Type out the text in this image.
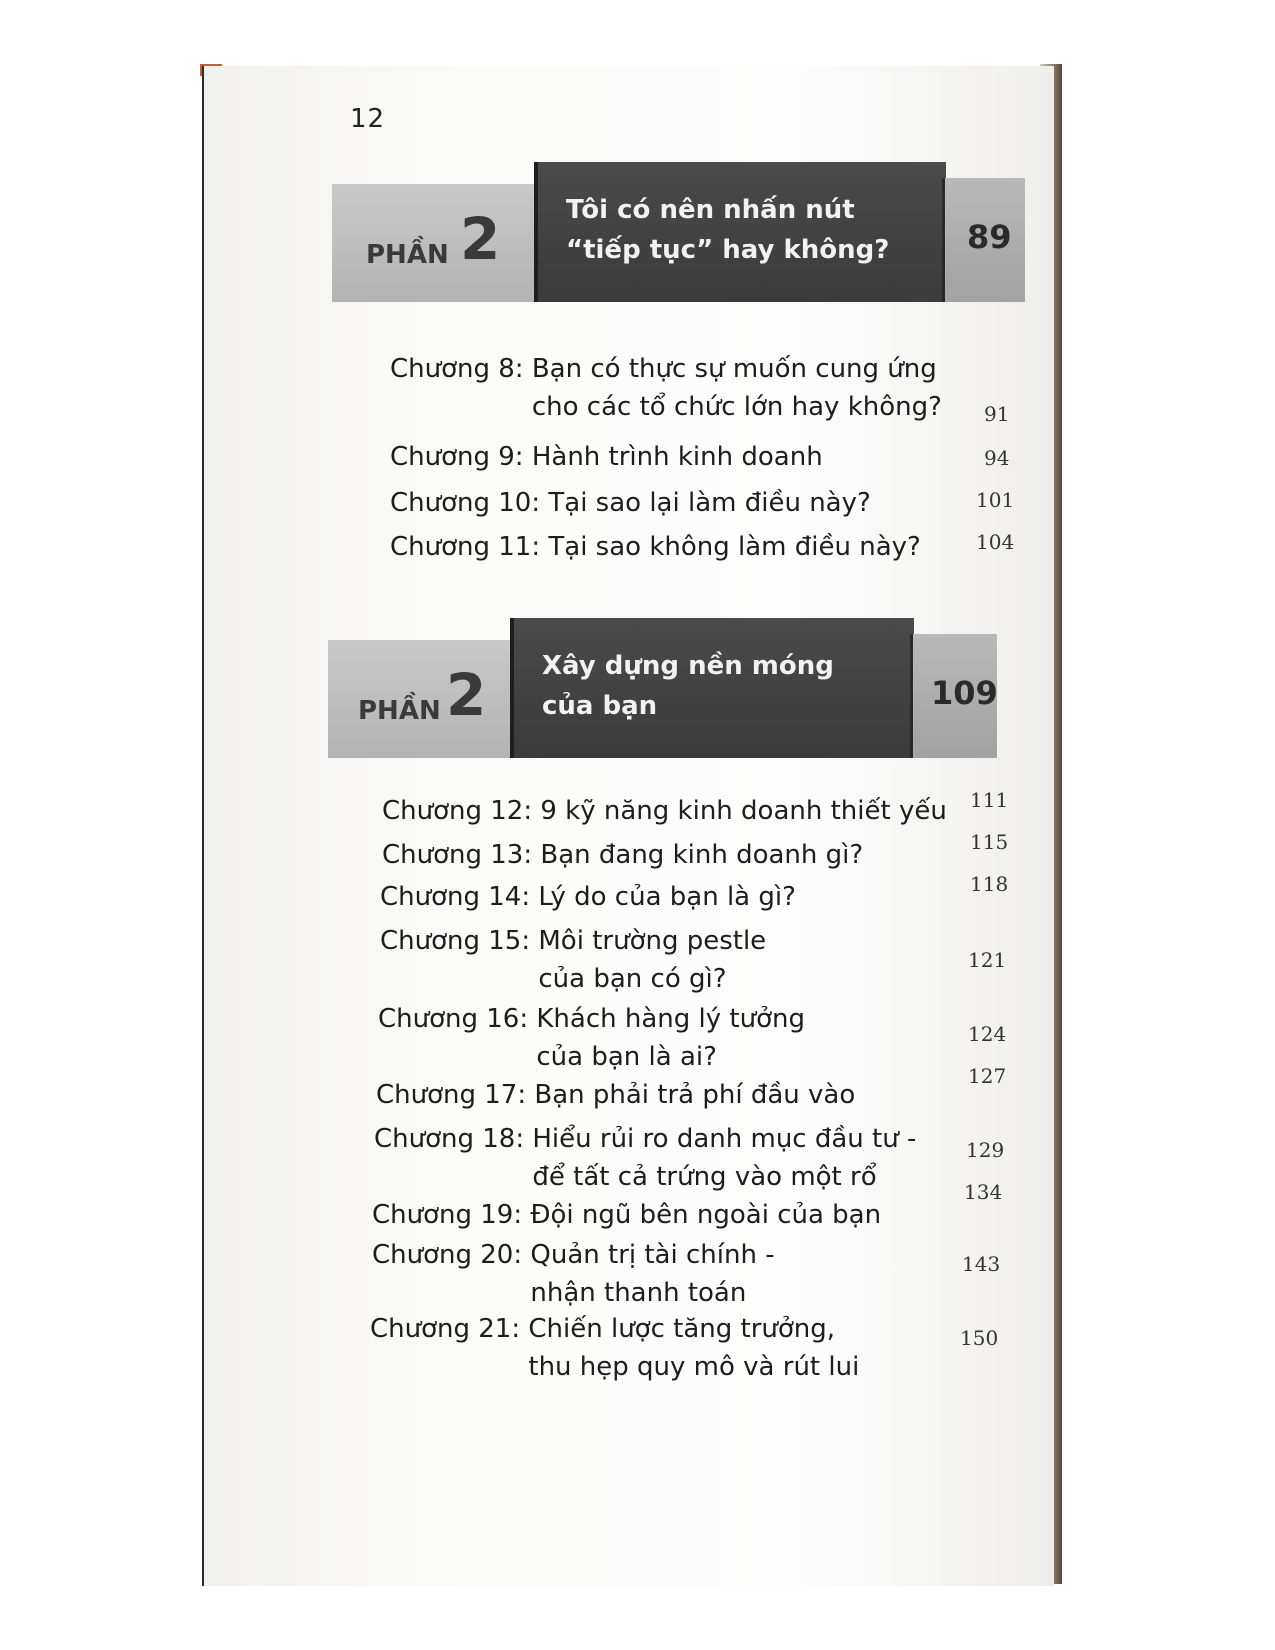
12
PHẦN 2	Tôi có nên nhấn nút
“tiếp tục” hay không?	89
Chương 8: Bạn có thực sự muốn cung ứng
cho các tổ chức lớn hay không? 91
Chương 9: Hành trình kinh doanh	94
Chương 10: Tại sao lại làm điều này?	101
Chương 11: Tại sao không làm điều này?	104
PHẦN 2 Xây dựng nền móng
của bạn	109
Chương 12: 9 kỹ năng kinh doanh thiết yếu 111
Chương 13: Bạn đang kinh doanh gì?	115
Chương 14: Lý do của bạn là gì?	118
Chương 15: Môi trường pestle
của bạn có gì?
121
Chương 16: Khách hàng lý tưởng
của bạn là ai?
124
Chương 17: Bạn phải trả phí đầu vào
127
Chương 18: Hiểu rủi ro danh mục đầu tư -
để tất cả trứng vào một rổ
129
Chương 19: Đội ngũ bên ngoài của bạn
134
Chương 20: Quản trị tài chính -
nhận thanh toán
143
Chương 21: Chiến lược tăng trưởng,
thu hẹp quy mô và rút lui
150
